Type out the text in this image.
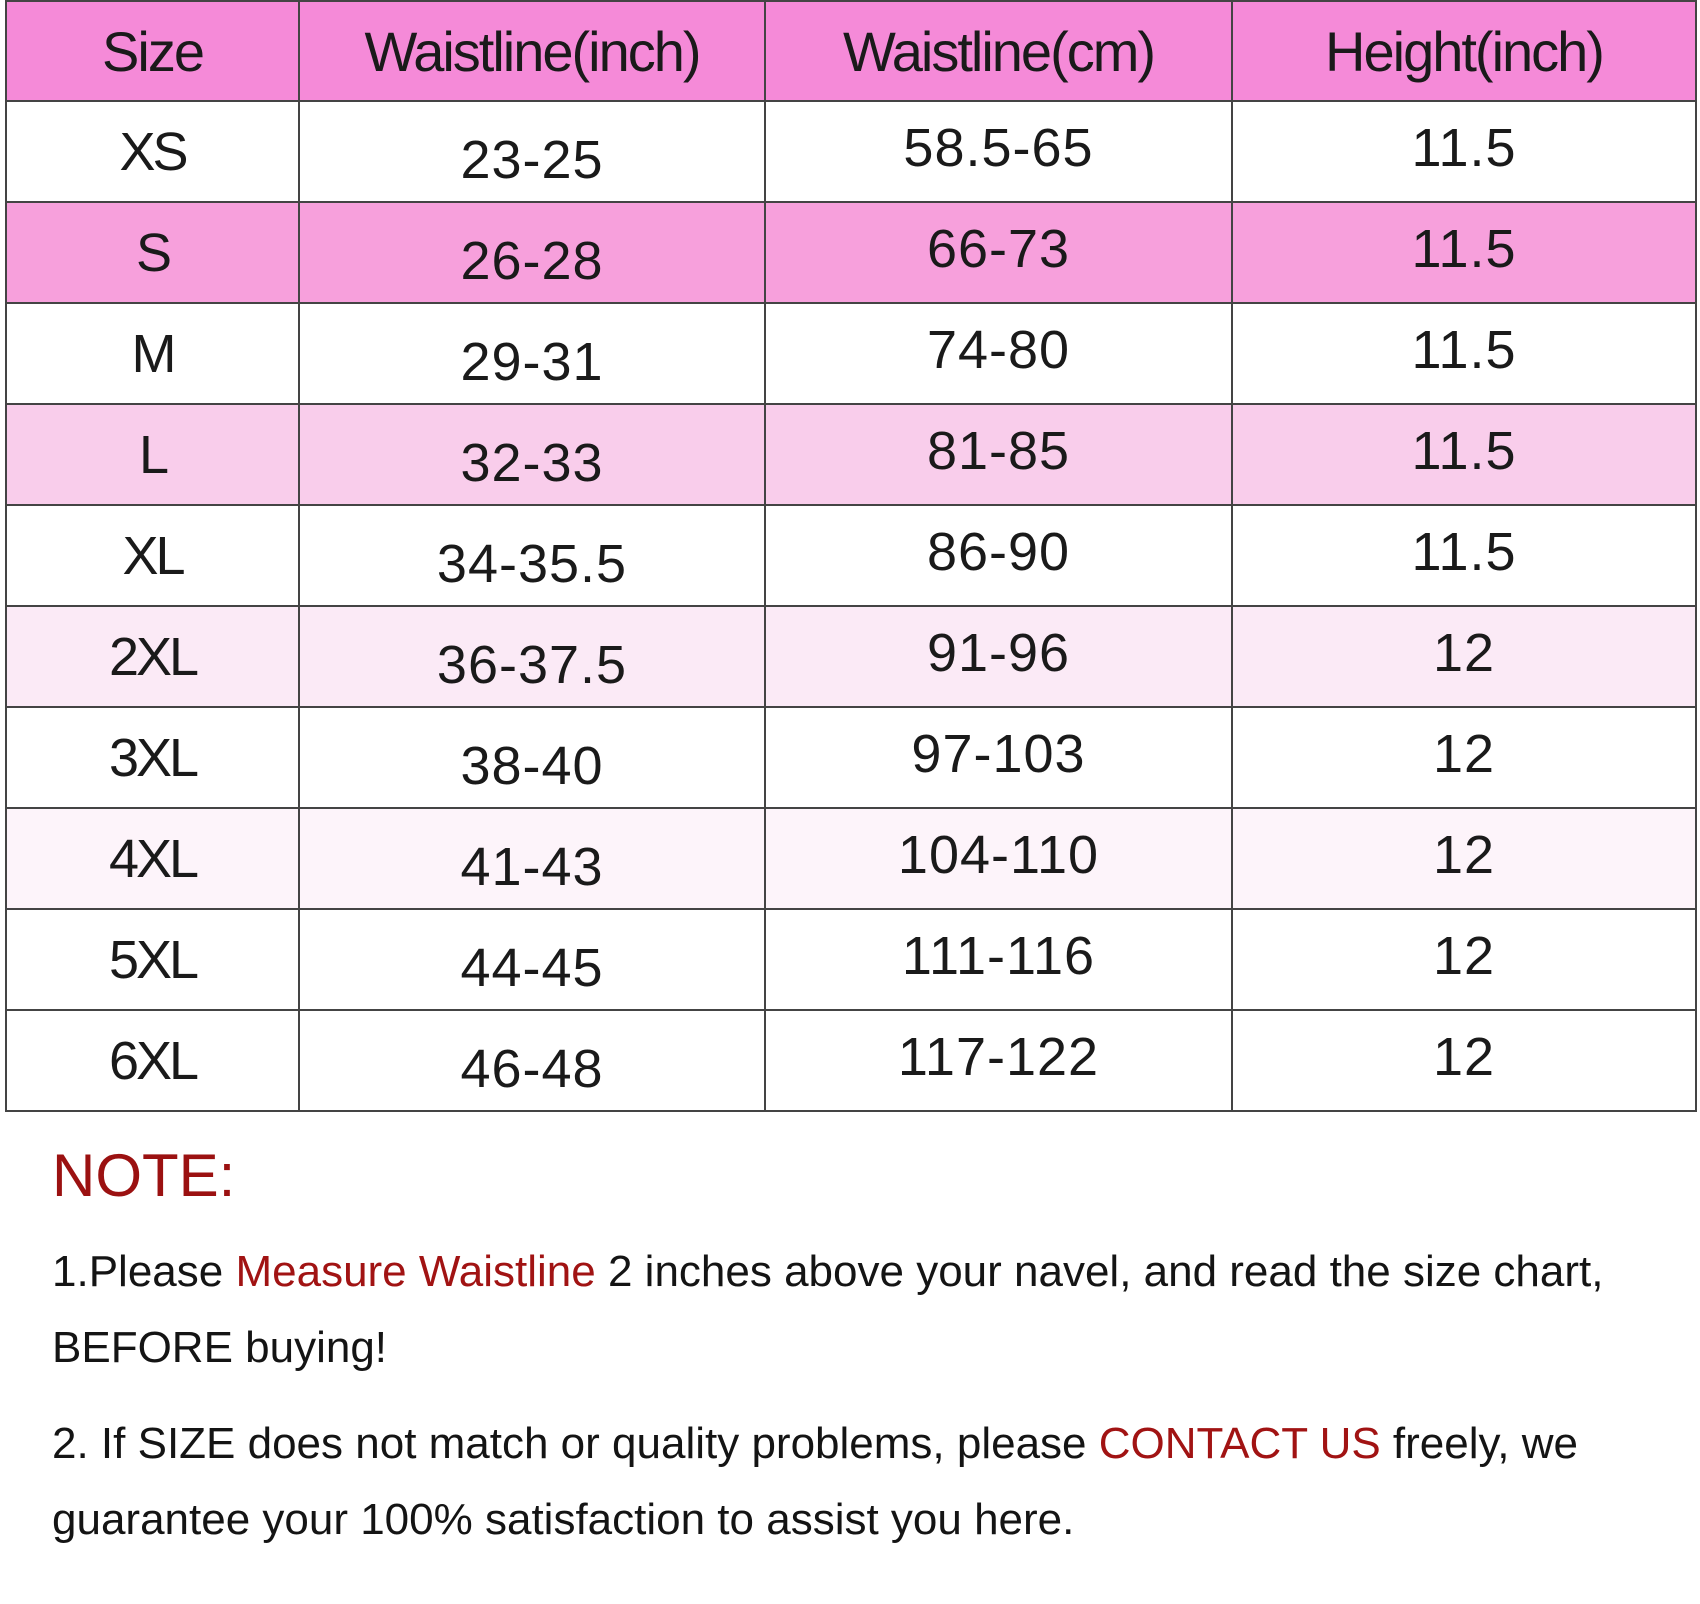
Size	Waistline(inch)	Waistline(cm)	Height(inch)
XS	23-25	58.5-65	11.5
S	26-28	66-73	11.5
M	29-31	74-80	11.5
L	32-33	81-85	11.5
XL	34-35.5	86-90	11.5
2XL	36-37.5	91-96	12
3XL	38-40	97-103	12
4XL	41-43	104-110	12
5XL	44-45	111-116	12
6XL	46-48	117-122	12
NOTE:

1.Please Measure Waistline 2 inches above your navel, and read the size chart, BEFORE buying!

2. If SIZE does not match or quality problems, please CONTACT US freely, we guarantee your 100% satisfaction to assist you here.
